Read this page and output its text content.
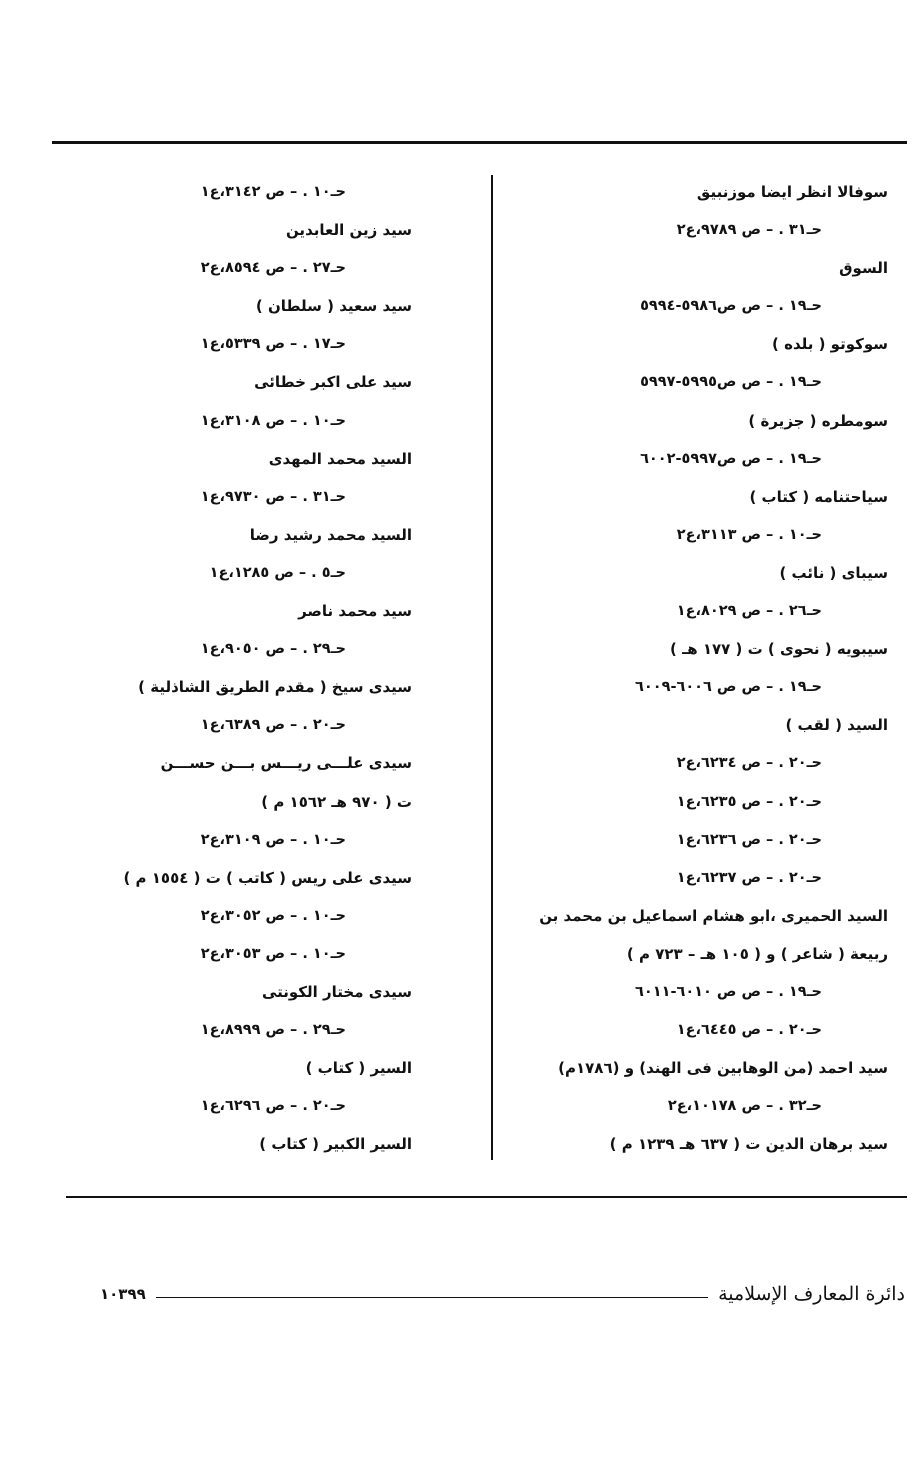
سوفالا انظر ايضا موزنبيق
حـ٣١ . – ص ٩٧٨٩،ع٢
السوق
حـ١٩ . – ص ص٥٩٨٦-٥٩٩٤
سوكوتو ( بلده )
حـ١٩ . – ص ص٥٩٩٥-٥٩٩٧
سومطره ( جزيرة )
حـ١٩ . – ص ص٥٩٩٧-٦٠٠٢
سياحتنامه ( كتاب )
حـ١٠ . – ص ٣١١٣،ع٢
سيباى ( نائب )
حـ٢٦ . – ص ٨٠٢٩،ع١
سيبويه ( نحوى ) ت ( ١٧٧ هـ )
حـ١٩ . – ص ص ٦٠٠٦-٦٠٠٩
السيد ( لقب )
حـ٢٠ . – ص ٦٢٣٤،ع٢
حـ٢٠ . – ص ٦٢٣٥،ع١
حـ٢٠ . – ص ٦٢٣٦،ع١
حـ٢٠ . – ص ٦٢٣٧،ع١
السيد الحميرى ،ابو هشام اسماعيل بن محمد بن
ربيعة ( شاعر ) و ( ١٠٥ هـ – ٧٢٣ م )
حـ١٩ . – ص ص ٦٠١٠-٦٠١١
حـ٢٠ . – ص ٦٤٤٥،ع١
سيد احمد (من الوهابين فى الهند) و (١٧٨٦م)
حـ٣٢ . – ص ١٠١٧٨،ع٢
سيد برهان الدين ت ( ٦٣٧ هـ ١٢٣٩ م )
حـ١٠ . – ص ٣١٤٢،ع١
سيد زين العابدين
حـ٢٧ . – ص ٨٥٩٤،ع٢
سيد سعيد ( سلطان )
حـ١٧ . – ص ٥٣٣٩،ع١
سيد على اكبر خطائى
حـ١٠ . – ص ٣١٠٨،ع١
السيد محمد المهدى
حـ٣١ . – ص ٩٧٣٠،ع١
السيد محمد رشيد رضا
حـ٥ . – ص ١٢٨٥،ع١
سيد محمد ناصر
حـ٢٩ . – ص ٩٠٥٠،ع١
سيدى سيخ ( مقدم الطريق الشاذلية )
حـ٢٠ . – ص ٦٣٨٩،ع١
سيدى علـــى ريـــس بـــن حســـن
ت ( ٩٧٠ هـ ١٥٦٢ م )
حـ١٠ . – ص ٣١٠٩،ع٢
سيدى على ريس ( كاتب ) ت ( ١٥٥٤ م )
حـ١٠ . – ص ٣٠٥٢،ع٢
حـ١٠ . – ص ٣٠٥٣،ع٢
سيدى مختار الكونتى
حـ٢٩ . – ص ٨٩٩٩،ع١
السير ( كتاب )
حـ٢٠ . – ص ٦٢٩٦،ع١
السير الكبير ( كتاب )
دائرة المعارف الإسلامية
١٠٣٩٩
